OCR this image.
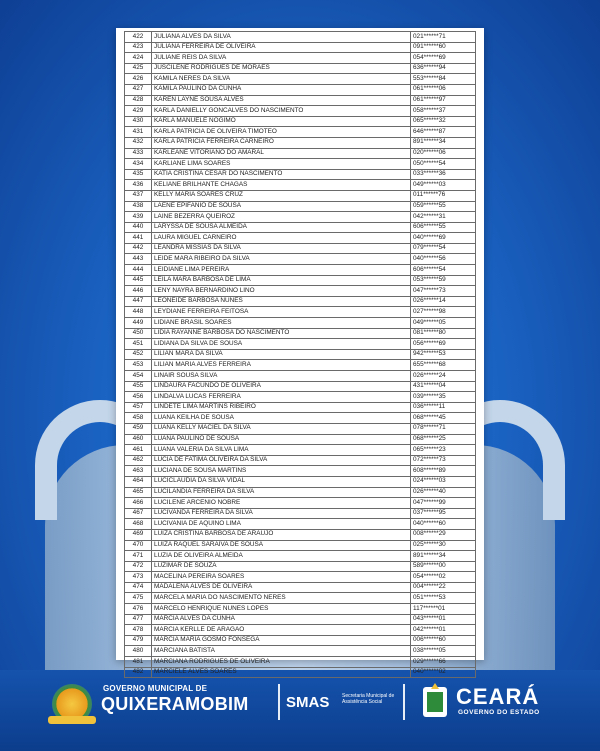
422	JULIANA ALVES DA SILVA	021******71
423	JULIANA FERREIRA DE OLIVEIRA	091******60
424	JULIANE REIS DA SILVA	054******69
425	JUSCILENE RODRIGUES DE MORAES	636******94
426	KAMILA NERES DA SILVA	553******84
427	KAMILA PAULINO DA CUNHA	061******06
428	KAREN LAYNE SOUSA ALVES	061******97
429	KARLA DANIELLY GONCALVES DO NASCIMENTO	058******37
430	KARLA MANUELE NOGIMO	065******32
431	KARLA PATRICIA DE OLIVEIRA TIMOTEO	646******87
432	KARLA PATRICIA FERREIRA CARNEIRO	891******34
433	KARLEANE VITORIANO DO AMARAL	020******06
434	KARLIANE LIMA SOARES	050******54
435	KATIA CRISTINA CESAR DO NASCIMENTO	033******36
436	KELIANE BRILHANTE CHAGAS	049******03
437	KELLY MARIA SOARES CRUZ	011******76
438	LAENE EPIFANIO DE SOUSA	059******55
439	LAINE BEZERRA QUEIROZ	042******31
440	LARYSSA DE SOUSA ALMEIDA	606******55
441	LAURA MIGUEL CARNEIRO	040******69
442	LEANDRA MISSIAS DA SILVA	079******54
443	LEIDE MARA RIBEIRO DA SILVA	040******56
444	LEIDIANE LIMA PEREIRA	606******54
445	LEILA MARA BARBOSA DE LIMA	053******59
446	LENY NAYRA BERNARDINO LINO	047******73
447	LEONEIDE BARBOSA NUNES	026******14
448	LEYDIANE FERREIRA FEITOSA	027******98
449	LIDIANE BRASIL SOARES	049******05
450	LIDIA RAYANNE BARBOSA DO NASCIMENTO	081******80
451	LIDIANA DA SILVA DE SOUSA	056******69
452	LILIAN MARA DA SILVA	942******53
453	LILIAN MARIA ALVES FERREIRA	655******68
454	LINAIR SOUSA SILVA	026******24
455	LINDAURA FACUNDO DE OLIVEIRA	431******04
456	LINDALVA LUCAS FERREIRA	039******35
457	LINDETE LIMA MARTINS RIBEIRO	036******11
458	LUANA KEILHA DE SOUSA	068******45
459	LUANA KELLY MACIEL DA SILVA	078******71
460	LUANA PAULINO DE SOUSA	068******25
461	LUANA VALERIA DA SILVA LIMA	065******23
462	LUCIA DE FATIMA OLIVEIRA DA SILVA	072******73
463	LUCIANA DE SOUSA MARTINS	608******89
464	LUCICLAUDIA DA SILVA VIDAL	024******03
465	LUCILANDIA FERREIRA DA SILVA	026******40
466	LUCILENE ARCENIO NOBRE	047******99
467	LUCIVANDA FERREIRA DA SILVA	037******95
468	LUCIVANIA DE AQUINO LIMA	040******60
469	LUIZA CRISTINA BARBOSA DE ARAUJO	008******29
470	LUIZA RAQUEL SARAIVA DE SOUSA	025******30
471	LUZIA DE OLIVEIRA ALMEIDA	891******34
472	LUZIMAR DE SOUZA	589******00
473	MACELINA PEREIRA SOARES	054******02
474	MADALENA ALVES DE OLIVEIRA	004******22
475	MARCELA MARIA DO NASCIMENTO NERES	051******53
476	MARCELO HENRIQUE NUNES LOPES	117******01
477	MARCIA ALVES DA CUNHA	043******01
478	MARCIA KERLLE DE ARAGAO	042******01
479	MARCIA MARIA GOSMO FONSEGA	006******60
480	MARCIANA BATISTA	038******05
481	MARCIANA RODRIGUES DE OLIVEIRA	029******66
482	MARCIELE ALVES SOARES	040******02
GOVERNO MUNICIPAL DE
QUIXERAMOBIM SMAS	Secretaria Municipal de Assistência Social	CEARÁ
GOVERNO DO ESTADO
